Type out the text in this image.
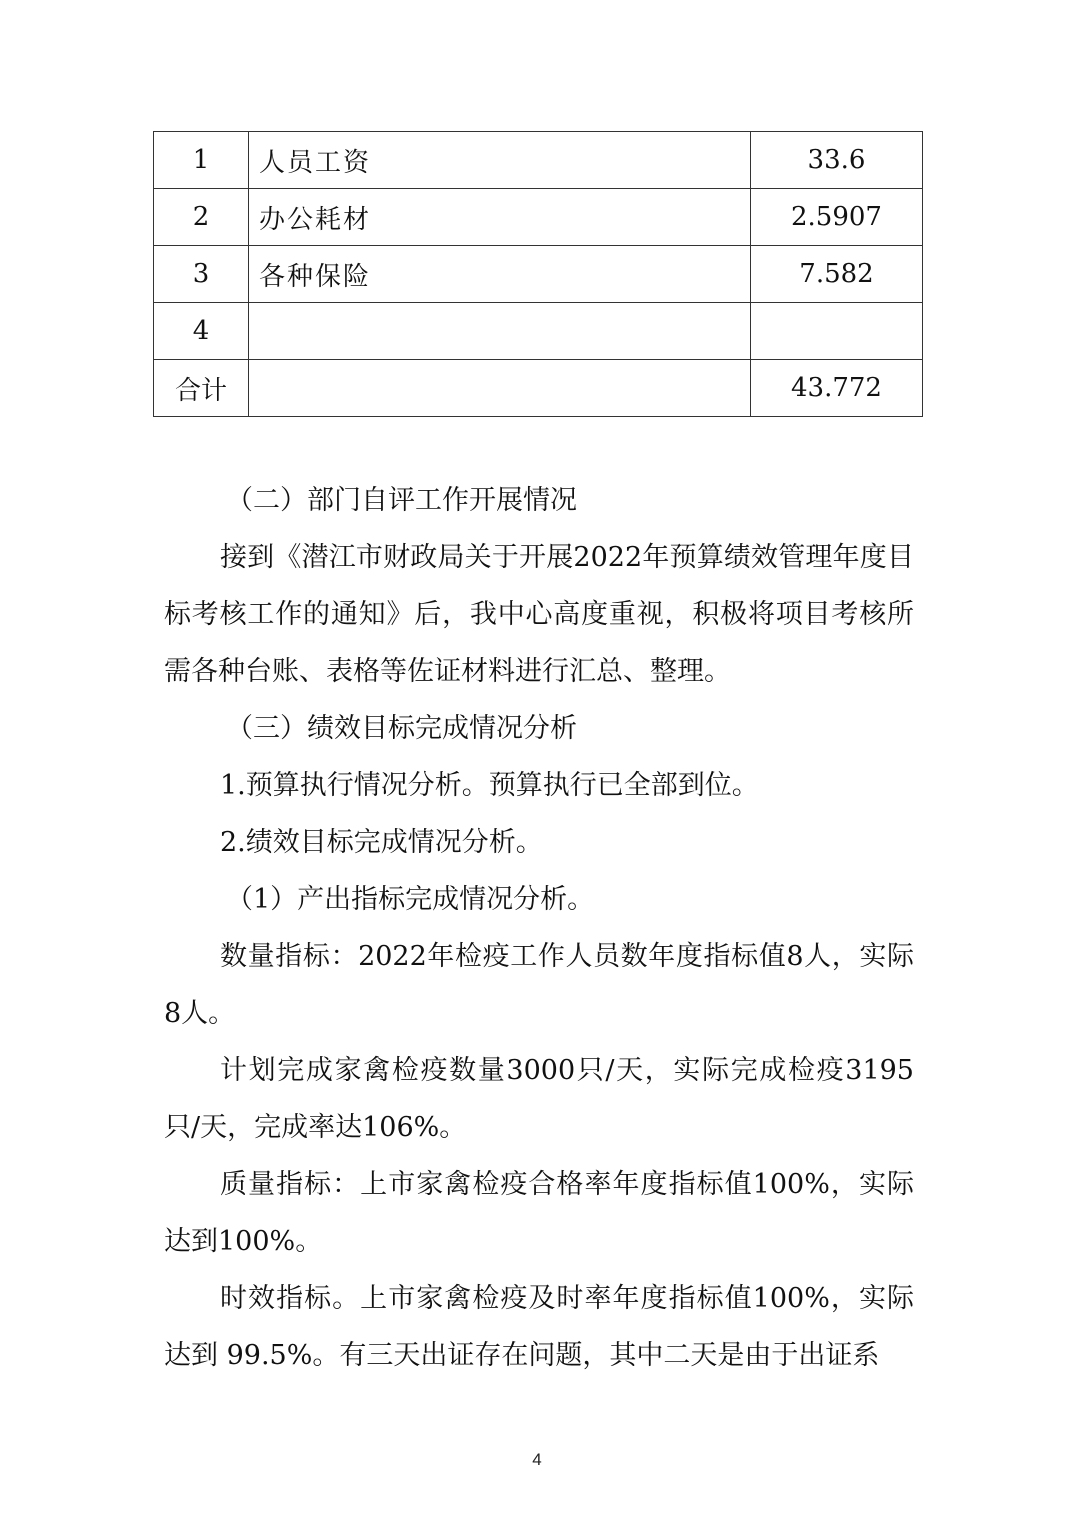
1	人员工资	33.6
2	办公耗材	2.5907
3	各种保险	7.582
4		
合计		43.772

（二）部门自评工作开展情况

接到《潜江市财政局关于开展2022年预算绩效管理年度目标考核工作的通知》后，我中心高度重视，积极将项目考核所需各种台账、表格等佐证材料进行汇总、整理。

（三）绩效目标完成情况分析

1.预算执行情况分析。预算执行已全部到位。

2.绩效目标完成情况分析。

（1）产出指标完成情况分析。

数量指标：2022年检疫工作人员数年度指标值8人，实际8人。

计划完成家禽检疫数量3000只/天，实际完成检疫3195只/天，完成率达106%。

质量指标：上市家禽检疫合格率年度指标值100%，实际达到100%。

时效指标。上市家禽检疫及时率年度指标值100%，实际达到 99.5%。有三天出证存在问题，其中二天是由于出证系

4
